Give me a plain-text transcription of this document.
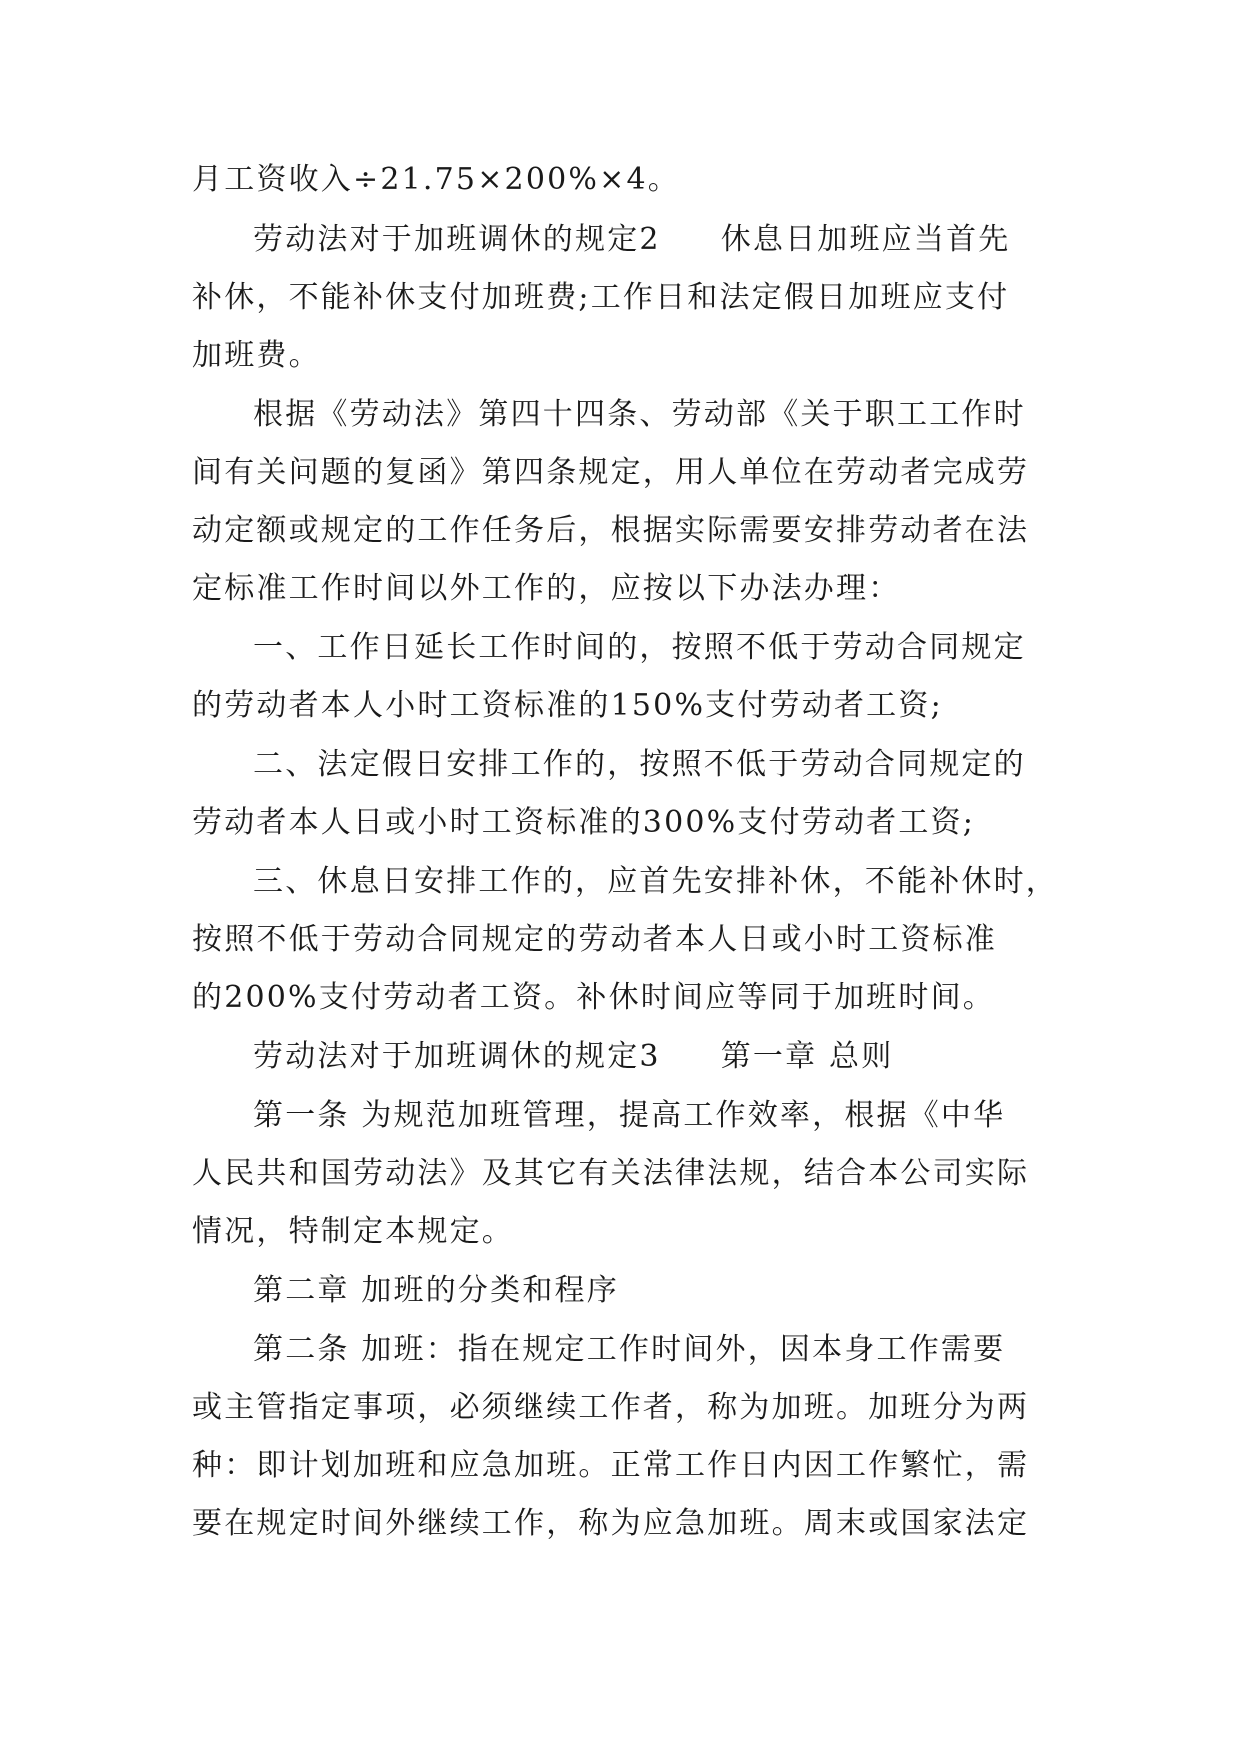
月工资收入÷21.75×200%×4。
劳动法对于加班调休的规定2 休息日加班应当首先
补休，不能补休支付加班费;工作日和法定假日加班应支付
加班费。
根据《劳动法》第四十四条、劳动部《关于职工工作时
间有关问题的复函》第四条规定，用人单位在劳动者完成劳
动定额或规定的工作任务后，根据实际需要安排劳动者在法
定标准工作时间以外工作的，应按以下办法办理：
一、工作日延长工作时间的，按照不低于劳动合同规定
的劳动者本人小时工资标准的150%支付劳动者工资;
二、法定假日安排工作的，按照不低于劳动合同规定的
劳动者本人日或小时工资标准的300%支付劳动者工资;
三、休息日安排工作的，应首先安排补休，不能补休时，
按照不低于劳动合同规定的劳动者本人日或小时工资标准
的200%支付劳动者工资。补休时间应等同于加班时间。
劳动法对于加班调休的规定3 第一章 总则
第一条 为规范加班管理，提高工作效率，根据《中华
人民共和国劳动法》及其它有关法律法规，结合本公司实际
情况，特制定本规定。
第二章 加班的分类和程序
第二条 加班：指在规定工作时间外，因本身工作需要
或主管指定事项，必须继续工作者，称为加班。加班分为两
种：即计划加班和应急加班。正常工作日内因工作繁忙，需
要在规定时间外继续工作，称为应急加班。周末或国家法定
